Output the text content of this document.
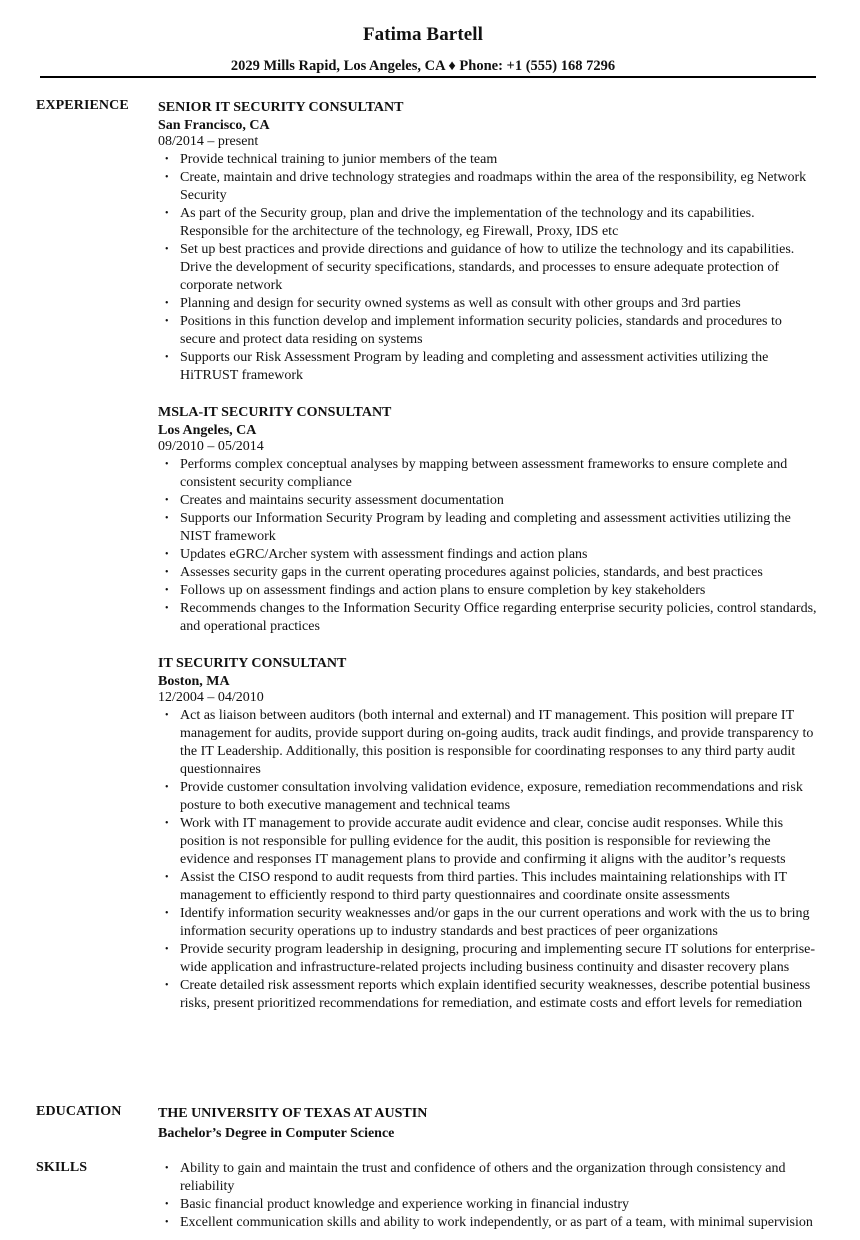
Fatima Bartell
2029 Mills Rapid, Los Angeles, CA ♦ Phone: +1 (555) 168 7296
EXPERIENCE SENIOR IT SECURITY CONSULTANT
San Francisco, CA
08/2014 – present
• Provide technical training to junior members of the team
• Create, maintain and drive technology strategies and roadmaps within the area of the responsibility, eg Network Security
• As part of the Security group, plan and drive the implementation of the technology and its capabilities. Responsible for the architecture of the technology, eg Firewall, Proxy, IDS etc
• Set up best practices and provide directions and guidance of how to utilize the technology and its capabilities. Drive the development of security specifications, standards, and processes to ensure adequate protection of corporate network
• Planning and design for security owned systems as well as consult with other groups and 3rd parties
• Positions in this function develop and implement information security policies, standards and procedures to secure and protect data residing on systems
• Supports our Risk Assessment Program by leading and completing and assessment activities utilizing the HiTRUST framework
MSLA-IT SECURITY CONSULTANT
Los Angeles, CA
09/2010 – 05/2014
• Performs complex conceptual analyses by mapping between assessment frameworks to ensure complete and consistent security compliance
• Creates and maintains security assessment documentation
• Supports our Information Security Program by leading and completing and assessment activities utilizing the NIST framework
• Updates eGRC/Archer system with assessment findings and action plans
• Assesses security gaps in the current operating procedures against policies, standards, and best practices
• Follows up on assessment findings and action plans to ensure completion by key stakeholders
• Recommends changes to the Information Security Office regarding enterprise security policies, control standards, and operational practices
IT SECURITY CONSULTANT
Boston, MA
12/2004 – 04/2010
• Act as liaison between auditors (both internal and external) and IT management. This position will prepare IT management for audits, provide support during on-going audits, track audit findings, and provide transparency to the IT Leadership. Additionally, this position is responsible for coordinating responses to any third party audit questionnaires
• Provide customer consultation involving validation evidence, exposure, remediation recommendations and risk posture to both executive management and technical teams
• Work with IT management to provide accurate audit evidence and clear, concise audit responses. While this position is not responsible for pulling evidence for the audit, this position is responsible for reviewing the evidence and responses IT management plans to provide and confirming it aligns with the auditor’s requests
• Assist the CISO respond to audit requests from third parties. This includes maintaining relationships with IT management to efficiently respond to third party questionnaires and coordinate onsite assessments
• Identify information security weaknesses and/or gaps in the our current operations and work with the us to bring information security operations up to industry standards and best practices of peer organizations
• Provide security program leadership in designing, procuring and implementing secure IT solutions for enterprise-wide application and infrastructure-related projects including business continuity and disaster recovery plans
• Create detailed risk assessment reports which explain identified security weaknesses, describe potential business risks, present prioritized recommendations for remediation, and estimate costs and effort levels for remediation
EDUCATION	THE UNIVERSITY OF TEXAS AT AUSTIN
Bachelor’s Degree in Computer Science
SKILLS	• Ability to gain and maintain the trust and confidence of others and the organization through consistency and reliability
• Basic financial product knowledge and experience working in financial industry
• Excellent communication skills and ability to work independently, or as part of a team, with minimal supervision
